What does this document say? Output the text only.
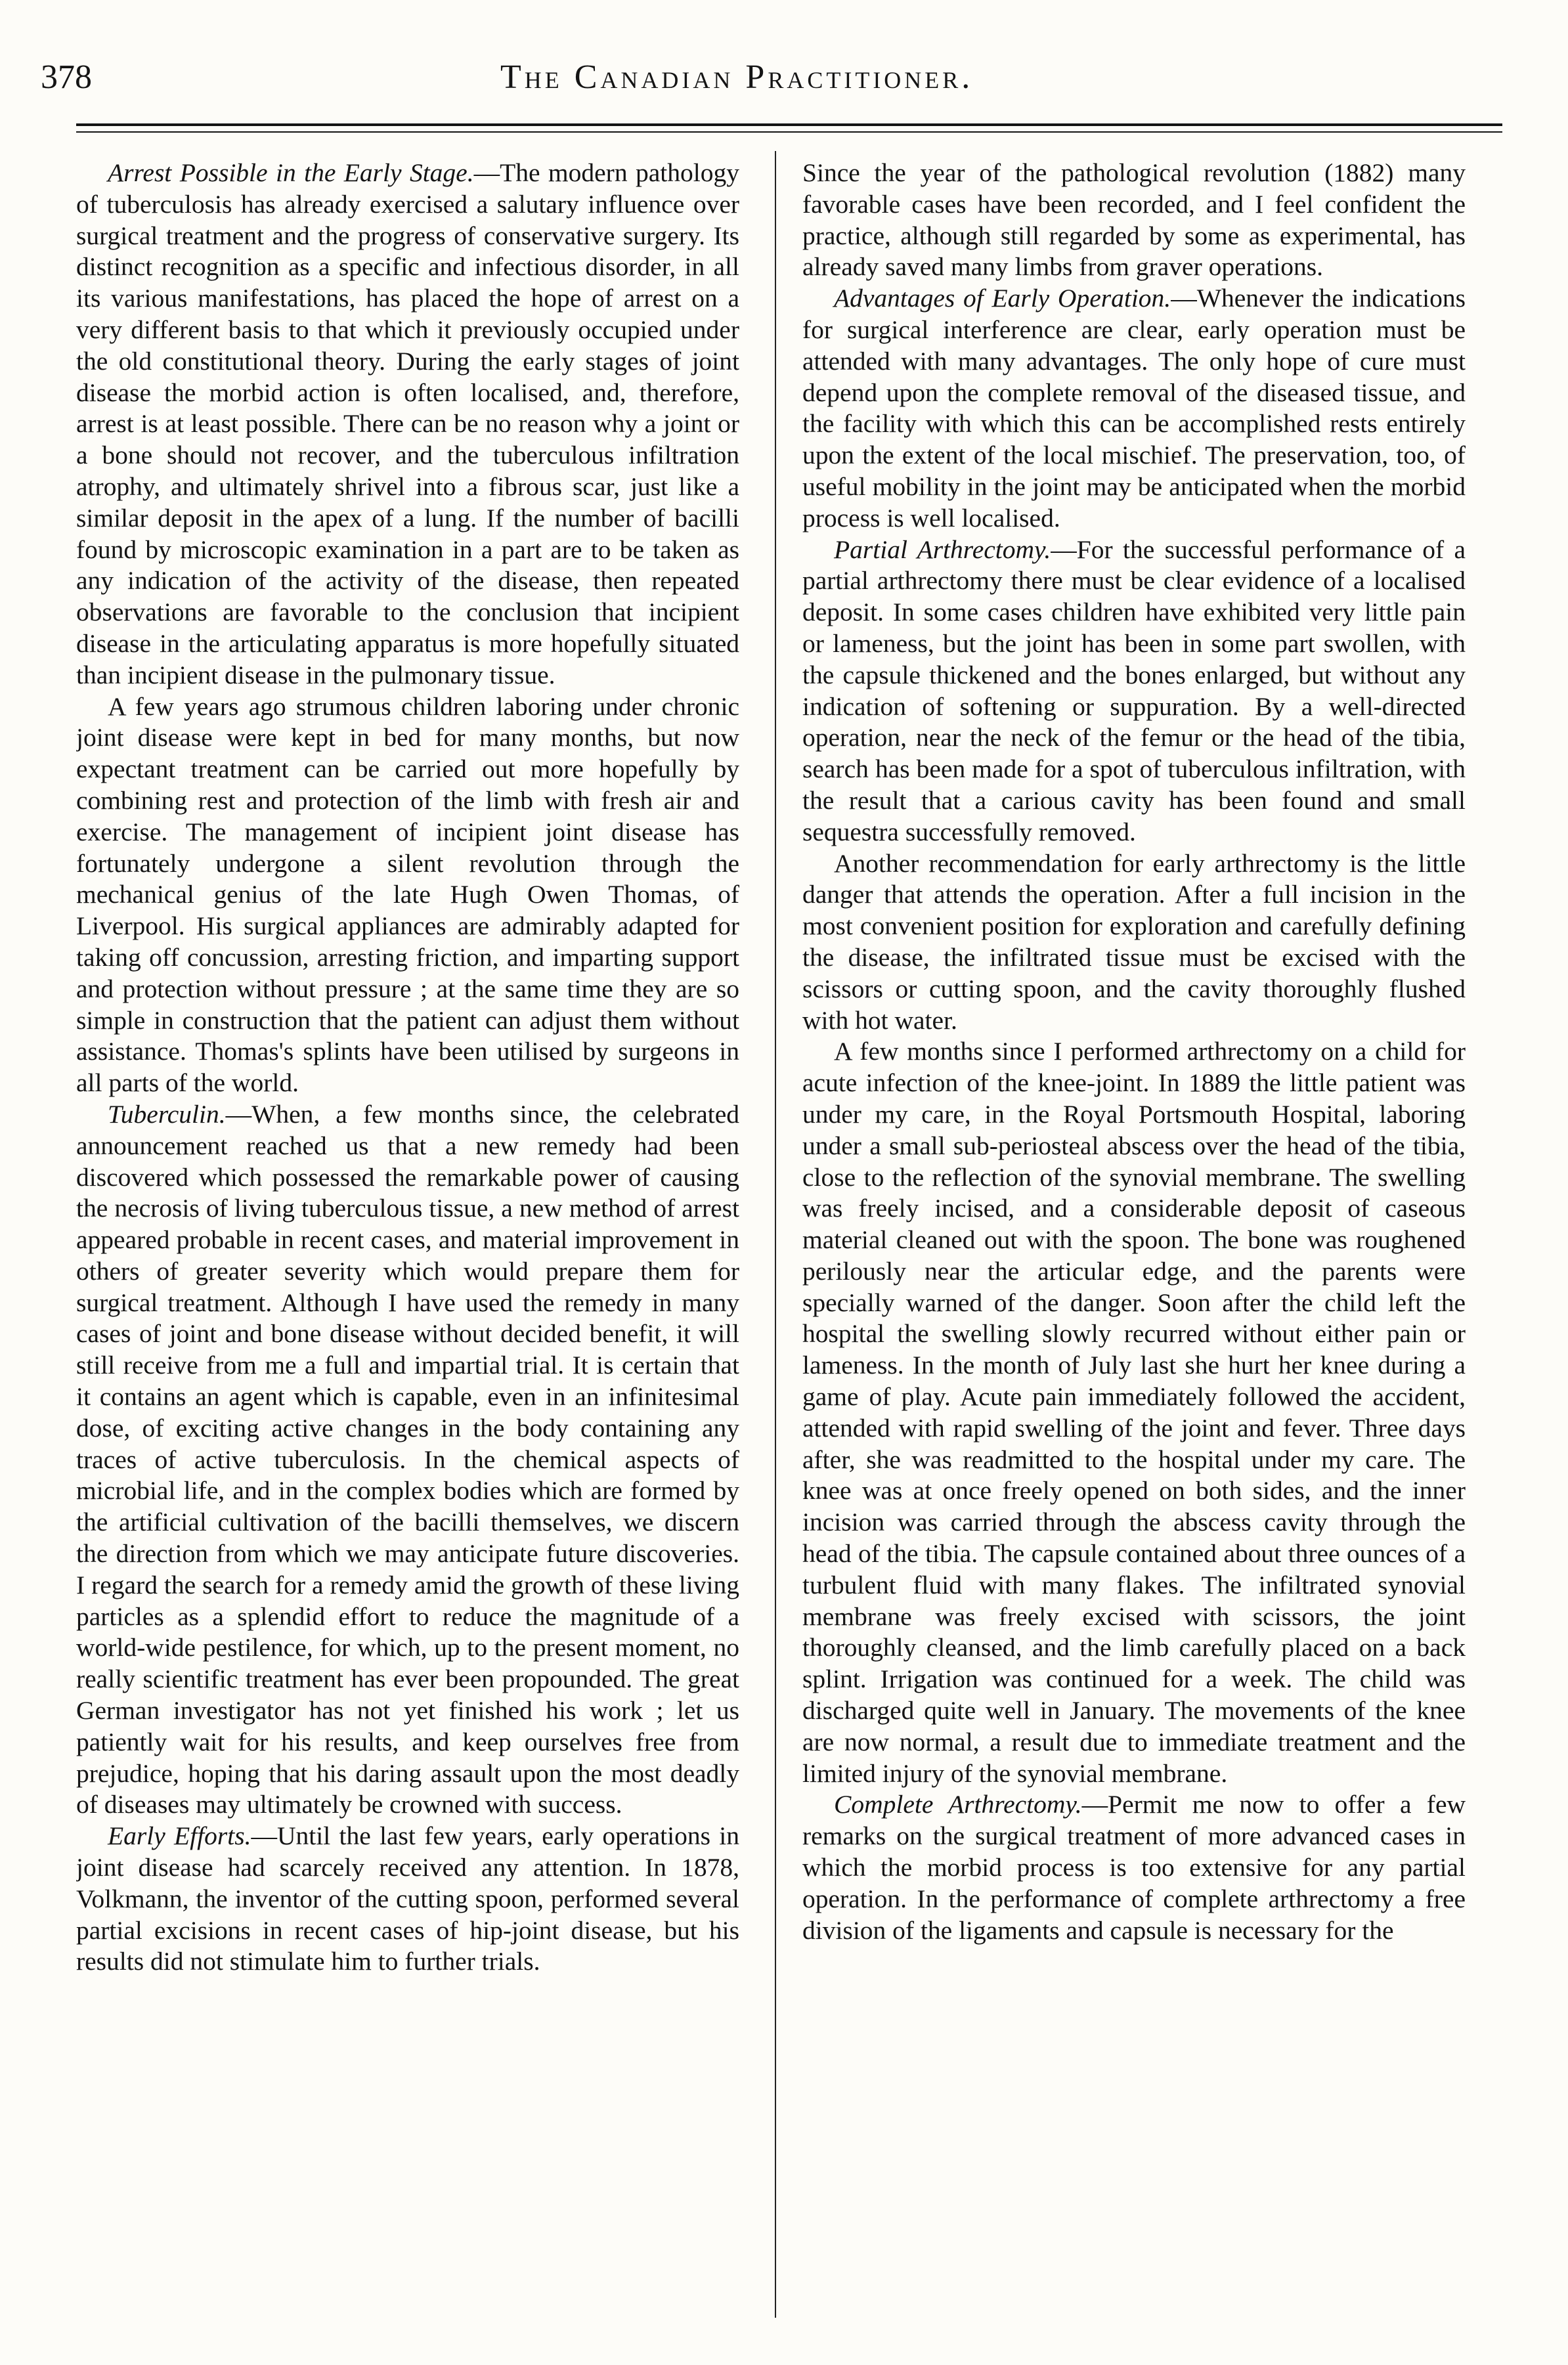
378	The Canadian Practitioner.

Arrest Possible in the Early Stage.—The modern pathology of tuberculosis has already exercised a salutary influence over surgical treatment and the progress of conservative surgery. Its distinct recognition as a specific and infectious disorder, in all its various manifestations, has placed the hope of arrest on a very different basis to that which it previously occupied under the old constitutional theory. During the early stages of joint disease the morbid action is often localised, and, therefore, arrest is at least possible. There can be no reason why a joint or a bone should not recover, and the tuberculous infiltration atrophy, and ultimately shrivel into a fibrous scar, just like a similar deposit in the apex of a lung. If the number of bacilli found by microscopic examination in a part are to be taken as any indication of the activity of the disease, then repeated observations are favorable to the conclusion that incipient disease in the articulating apparatus is more hopefully situated than incipient disease in the pulmonary tissue.

A few years ago strumous children laboring under chronic joint disease were kept in bed for many months, but now expectant treatment can be carried out more hopefully by combining rest and protection of the limb with fresh air and exercise. The management of incipient joint disease has fortunately undergone a silent revolution through the mechanical genius of the late Hugh Owen Thomas, of Liverpool. His surgical appliances are admirably adapted for taking off concussion, arresting friction, and imparting support and protection without pressure ; at the same time they are so simple in construction that the patient can adjust them without assistance. Thomas's splints have been utilised by surgeons in all parts of the world.

Tuberculin.—When, a few months since, the celebrated announcement reached us that a new remedy had been discovered which possessed the remarkable power of causing the necrosis of living tuberculous tissue, a new method of arrest appeared probable in recent cases, and material improvement in others of greater severity which would prepare them for surgical treatment. Although I have used the remedy in many cases of joint and bone disease without decided benefit, it will still receive from me a full and impartial trial. It is certain that it contains an agent which is capable, even in an infinitesimal dose, of exciting active changes in the body containing any traces of active tuberculosis. In the chemical aspects of microbial life, and in the complex bodies which are formed by the artificial cultivation of the bacilli themselves, we discern the direction from which we may anticipate future discoveries. I regard the search for a remedy amid the growth of these living particles as a splendid effort to reduce the magnitude of a world-wide pestilence, for which, up to the present moment, no really scientific treatment has ever been propounded. The great German investigator has not yet finished his work ; let us patiently wait for his results, and keep ourselves free from prejudice, hoping that his daring assault upon the most deadly of diseases may ultimately be crowned with success.

Early Efforts.—Until the last few years, early operations in joint disease had scarcely received any attention. In 1878, Volkmann, the inventor of the cutting spoon, performed several partial excisions in recent cases of hip-joint disease, but his results did not stimulate him to further trials.

Since the year of the pathological revolution (1882) many favorable cases have been recorded, and I feel confident the practice, although still regarded by some as experimental, has already saved many limbs from graver operations.

Advantages of Early Operation.—Whenever the indications for surgical interference are clear, early operation must be attended with many advantages. The only hope of cure must depend upon the complete removal of the diseased tissue, and the facility with which this can be accomplished rests entirely upon the extent of the local mischief. The preservation, too, of useful mobility in the joint may be anticipated when the morbid process is well localised.

Partial Arthrectomy.—For the successful performance of a partial arthrectomy there must be clear evidence of a localised deposit. In some cases children have exhibited very little pain or lameness, but the joint has been in some part swollen, with the capsule thickened and the bones enlarged, but without any indication of softening or suppuration. By a well-directed operation, near the neck of the femur or the head of the tibia, search has been made for a spot of tuberculous infiltration, with the result that a carious cavity has been found and small sequestra successfully removed.

Another recommendation for early arthrectomy is the little danger that attends the operation. After a full incision in the most convenient position for exploration and carefully defining the disease, the infiltrated tissue must be excised with the scissors or cutting spoon, and the cavity thoroughly flushed with hot water.

A few months since I performed arthrectomy on a child for acute infection of the knee-joint. In 1889 the little patient was under my care, in the Royal Portsmouth Hospital, laboring under a small sub-periosteal abscess over the head of the tibia, close to the reflection of the synovial membrane. The swelling was freely incised, and a considerable deposit of caseous material cleaned out with the spoon. The bone was roughened perilously near the articular edge, and the parents were specially warned of the danger. Soon after the child left the hospital the swelling slowly recurred without either pain or lameness. In the month of July last she hurt her knee during a game of play. Acute pain immediately followed the accident, attended with rapid swelling of the joint and fever. Three days after, she was readmitted to the hospital under my care. The knee was at once freely opened on both sides, and the inner incision was carried through the abscess cavity through the head of the tibia. The capsule contained about three ounces of a turbulent fluid with many flakes. The infiltrated synovial membrane was freely excised with scissors, the joint thoroughly cleansed, and the limb carefully placed on a back splint. Irrigation was continued for a week. The child was discharged quite well in January. The movements of the knee are now normal, a result due to immediate treatment and the limited injury of the synovial membrane.

Complete Arthrectomy.—Permit me now to offer a few remarks on the surgical treatment of more advanced cases in which the morbid process is too extensive for any partial operation. In the performance of complete arthrectomy a free division of the ligaments and capsule is necessary for the
